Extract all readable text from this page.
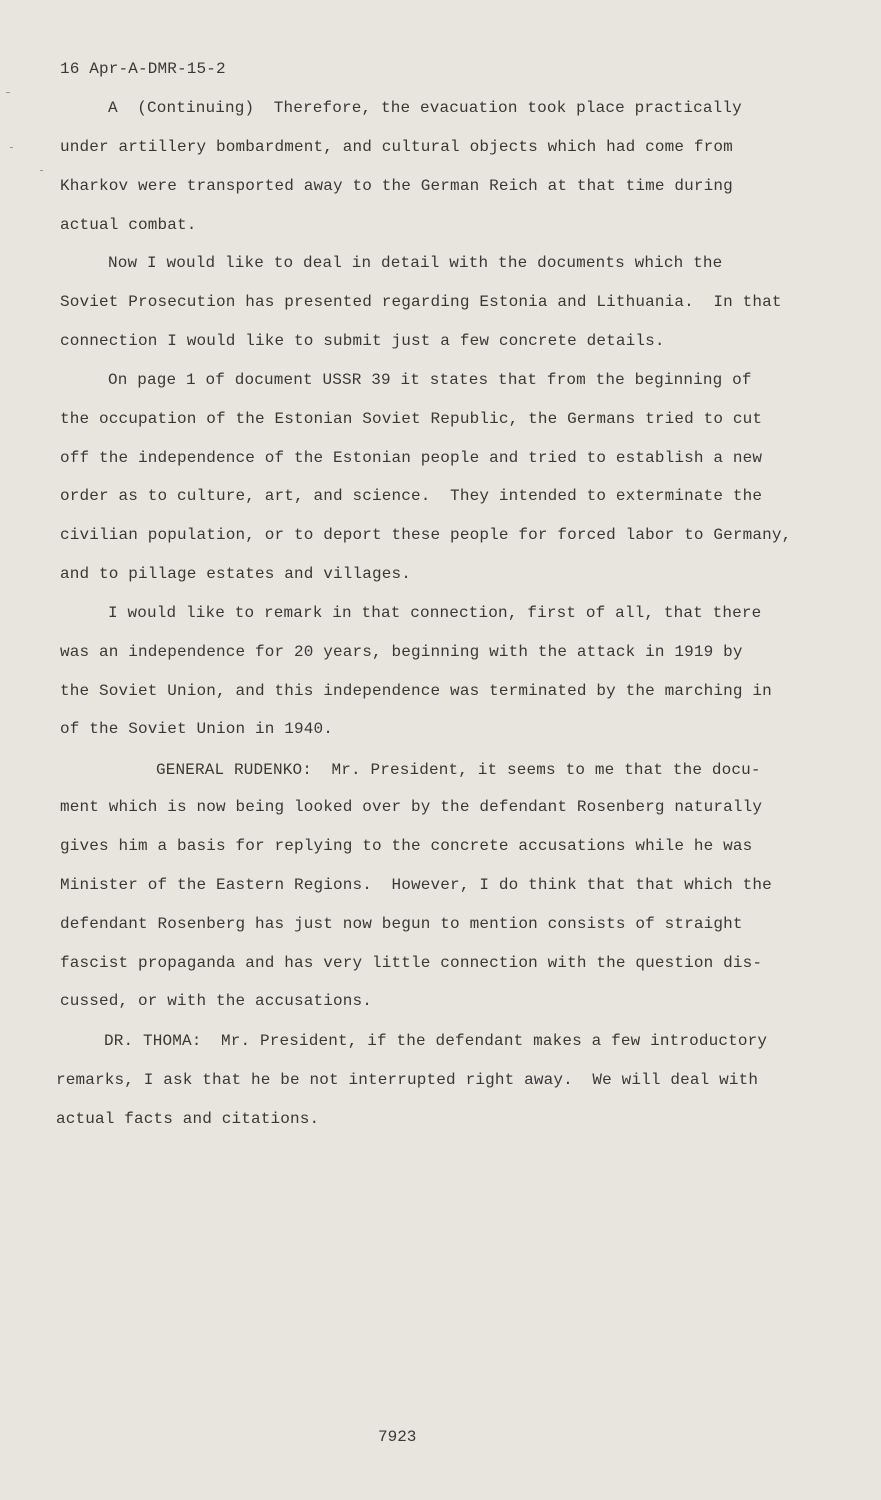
16 Apr-A-DMR-15-2
A  (Continuing)  Therefore, the evacuation took place practically
under artillery bombardment, and cultural objects which had come from
Kharkov were transported away to the German Reich at that time during
actual combat.
Now I would like to deal in detail with the documents which the
Soviet Prosecution has presented regarding Estonia and Lithuania.  In that
connection I would like to submit just a few concrete details.
On page 1 of document USSR 39 it states that from the beginning of
the occupation of the Estonian Soviet Republic, the Germans tried to cut
off the independence of the Estonian people and tried to establish a new
order as to culture, art, and science.  They intended to exterminate the
civilian population, or to deport these people for forced labor to Germany,
and to pillage estates and villages.
I would like to remark in that connection, first of all, that there
was an independence for 20 years, beginning with the attack in 1919 by
the Soviet Union, and this independence was terminated by the marching in
of the Soviet Union in 1940.
GENERAL RUDENKO:  Mr. President, it seems to me that the docu-
ment which is now being looked over by the defendant Rosenberg naturally
gives him a basis for replying to the concrete accusations while he was
Minister of the Eastern Regions.  However, I do think that that which the
defendant Rosenberg has just now begun to mention consists of straight
fascist propaganda and has very little connection with the question dis-
cussed, or with the accusations.
DR. THOMA:  Mr. President, if the defendant makes a few introductory
remarks, I ask that he be not interrupted right away.  We will deal with
actual facts and citations.
7923
